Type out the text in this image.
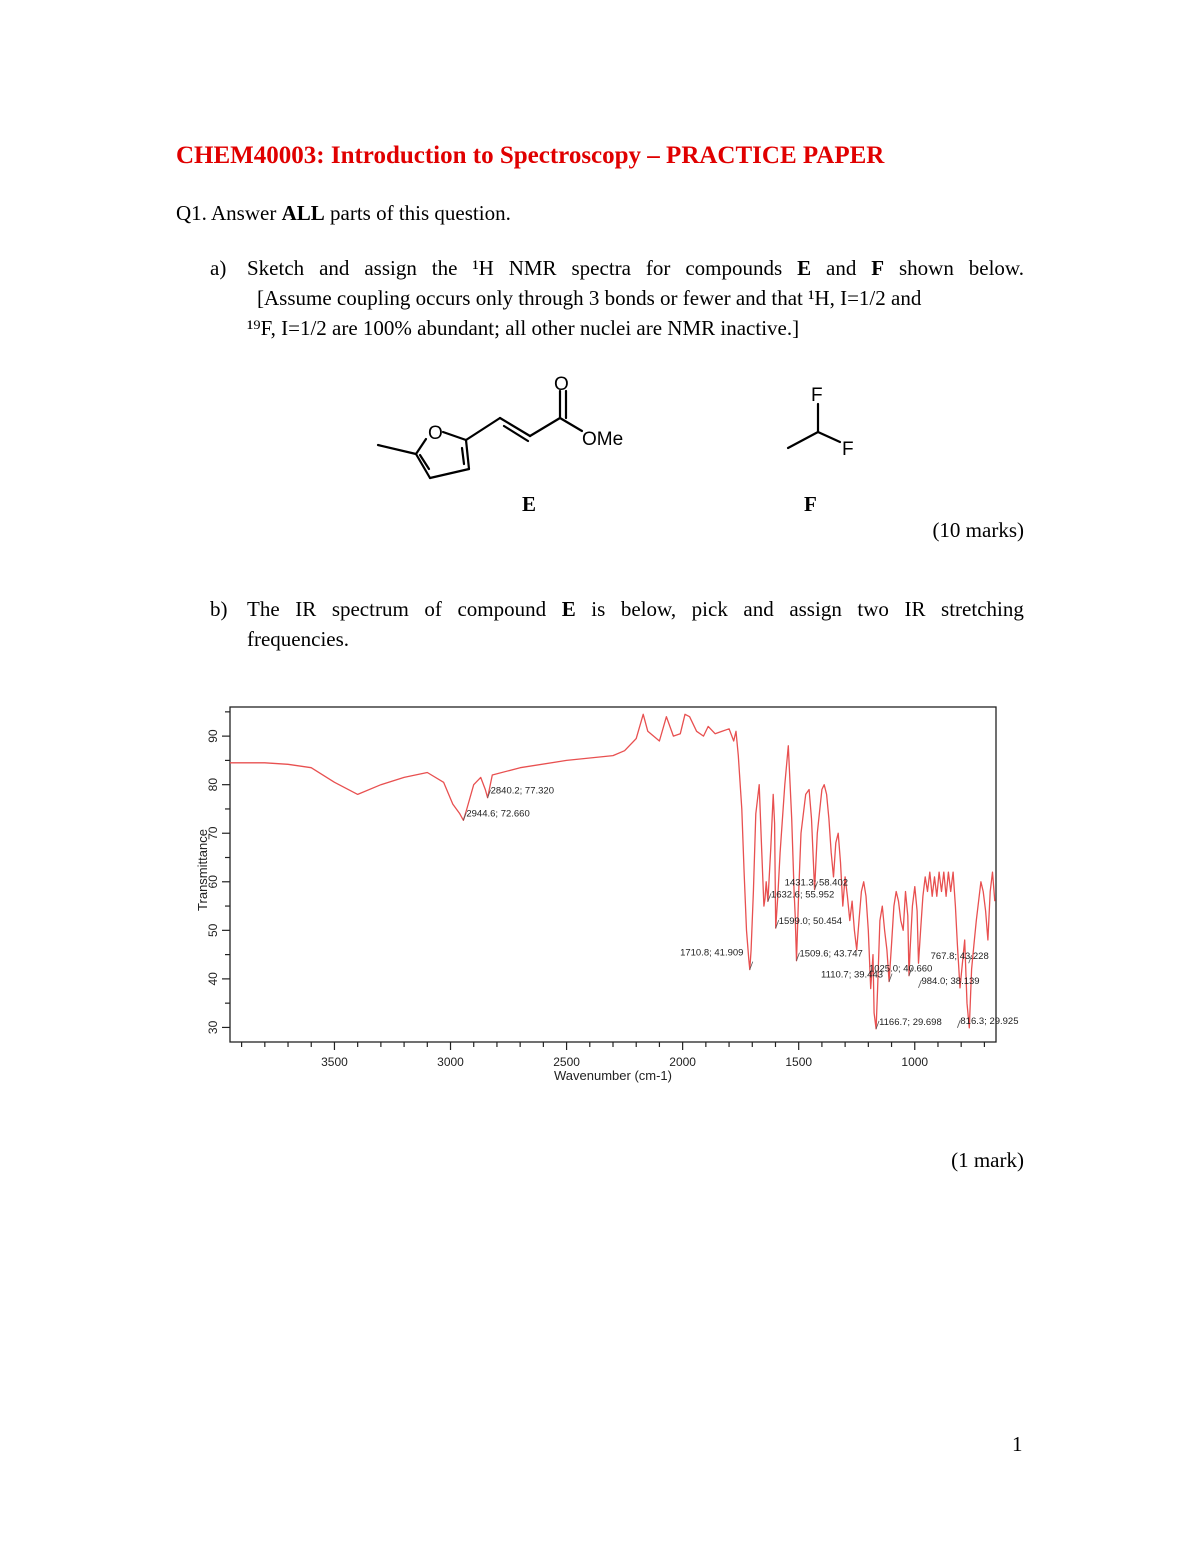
CHEM40003: Introduction to Spectroscopy – PRACTICE PAPER
Q1. Answer ALL parts of this question.
a) Sketch and assign the ¹H NMR spectra for compounds E and F shown below.
[Assume coupling occurs only through 3 bonds or fewer and that ¹H, I=1/2 and
¹⁹F, I=1/2 are 100% abundant; all other nuclei are NMR inactive.]
O
O
OMe
F
F
E	F
(10 marks)
b) The IR spectrum of compound E is below, pick and assign two IR stretching
frequencies.
3500	3000	2500	2000	1500	1000
30
40
50
60
70
80
90
2840.2; 77.320
2944.6; 72.660
1632.6; 55.952
1599.0; 50.454
1431.3; 58.402
1710.8; 41.909	1509.6; 43.747	767.8; 43.228
1025.0; 40.660
1110.7; 39.443
984.0; 38.139
816.3; 29.925
1166.7; 29.698
Wavenumber (cm-1)
Transmittance
(1 mark)
1
